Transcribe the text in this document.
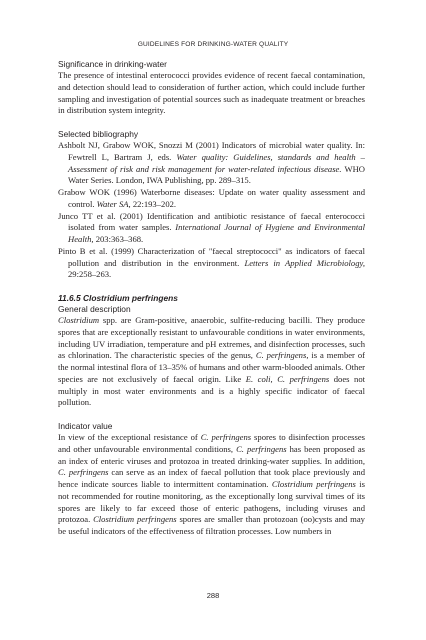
GUIDELINES FOR DRINKING-WATER QUALITY

Significance in drinking-water

The presence of intestinal enterococci provides evidence of recent faecal contamination, and detection should lead to consideration of further action, which could include further sampling and investigation of potential sources such as inadequate treatment or breaches in distribution system integrity.

Selected bibliography

Ashbolt NJ, Grabow WOK, Snozzi M (2001) Indicators of microbial water quality. In: Fewtrell L, Bartram J, eds. Water quality: Guidelines, standards and health – Assessment of risk and risk management for water-related infectious disease. WHO Water Series. London, IWA Publishing, pp. 289–315.

Grabow WOK (1996) Waterborne diseases: Update on water quality assessment and control. Water SA, 22:193–202.

Junco TT et al. (2001) Identification and antibiotic resistance of faecal enterococci isolated from water samples. International Journal of Hygiene and Environmental Health, 203:363–368.

Pinto B et al. (1999) Characterization of "faecal streptococci" as indicators of faecal pollution and distribution in the environment. Letters in Applied Microbiology, 29:258–263.

11.6.5 Clostridium perfringens

General description

Clostridium spp. are Gram-positive, anaerobic, sulfite-reducing bacilli. They produce spores that are exceptionally resistant to unfavourable conditions in water environments, including UV irradiation, temperature and pH extremes, and disinfection processes, such as chlorination. The characteristic species of the genus, C. perfringens, is a member of the normal intestinal flora of 13–35% of humans and other warm-blooded animals. Other species are not exclusively of faecal origin. Like E. coli, C. perfringens does not multiply in most water environments and is a highly specific indicator of faecal pollution.

Indicator value

In view of the exceptional resistance of C. perfringens spores to disinfection processes and other unfavourable environmental conditions, C. perfringens has been proposed as an index of enteric viruses and protozoa in treated drinking-water supplies. In addition, C. perfringens can serve as an index of faecal pollution that took place previously and hence indicate sources liable to intermittent contamination. Clostridium perfringens is not recommended for routine monitoring, as the exceptionally long survival times of its spores are likely to far exceed those of enteric pathogens, including viruses and protozoa. Clostridium perfringens spores are smaller than protozoan (oo)cysts and may be useful indicators of the effectiveness of filtration processes. Low numbers in

288
